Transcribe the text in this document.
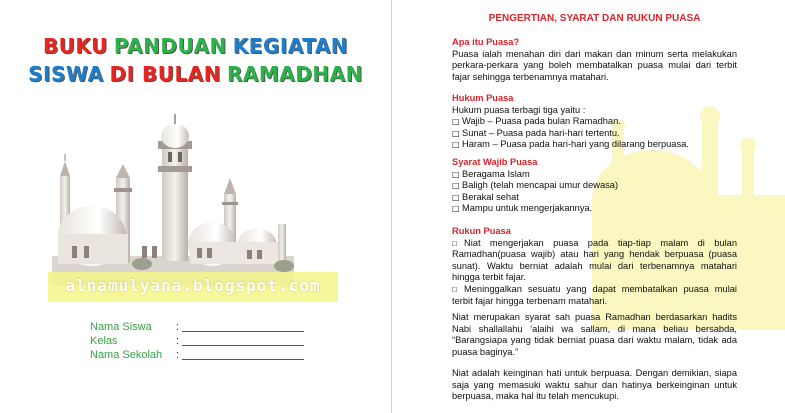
BUKU PANDUAN KEGIATAN
SISWA DI BULAN RAMADHAN
alnamulyana.blogspot.com
Nama Siswa :
Kelas	:
Nama Sekolah :
PENGERTIAN, SYARAT DAN RUKUN PUASA
Apa itu Puasa?
Puasa ialah menahan diri dari makan dan minum serta melakukan perkara-perkara yang boleh membatalkan puasa mulai dari terbit fajar sehingga terbenamnya matahari.
Hukum Puasa
Hukum puasa terbagi tiga yaitu :
□ Wajib – Puasa pada bulan Ramadhan.
□ Sunat – Puasa pada hari-hari tertentu.
□ Haram – Puasa pada hari-hari yang dilarang berpuasa.
Syarat Wajib Puasa
□ Beragama Islam
□ Baligh (telah mencapai umur dewasa)
□ Berakal sehat
□ Mampu untuk mengerjakannya.
Rukun Puasa
□ Niat mengerjakan puasa pada tiap-tiap malam di bulan Ramadhan(puasa wajib) atau hari yang hendak berpuasa (puasa sunat). Waktu berniat adalah mulai dari terbenamnya matahari hingga terbit fajar.
□ Meninggalkan sesuatu yang dapat membatalkan puasa mulai terbit fajar hingga terbenam matahari.
Niat merupakan syarat sah puasa Ramadhan berdasarkan hadits Nabi shallallahu ‘alaihi wa sallam, di mana beliau bersabda, “Barangsiapa yang tidak berniat puasa dari waktu malam, tidak ada puasa baginya.”
Niat adalah keinginan hati untuk berpuasa. Dengan demikian, siapa saja yang memasuki waktu sahur dan hatinya berkeinginan untuk berpuasa, maka hal itu telah mencukupi.
